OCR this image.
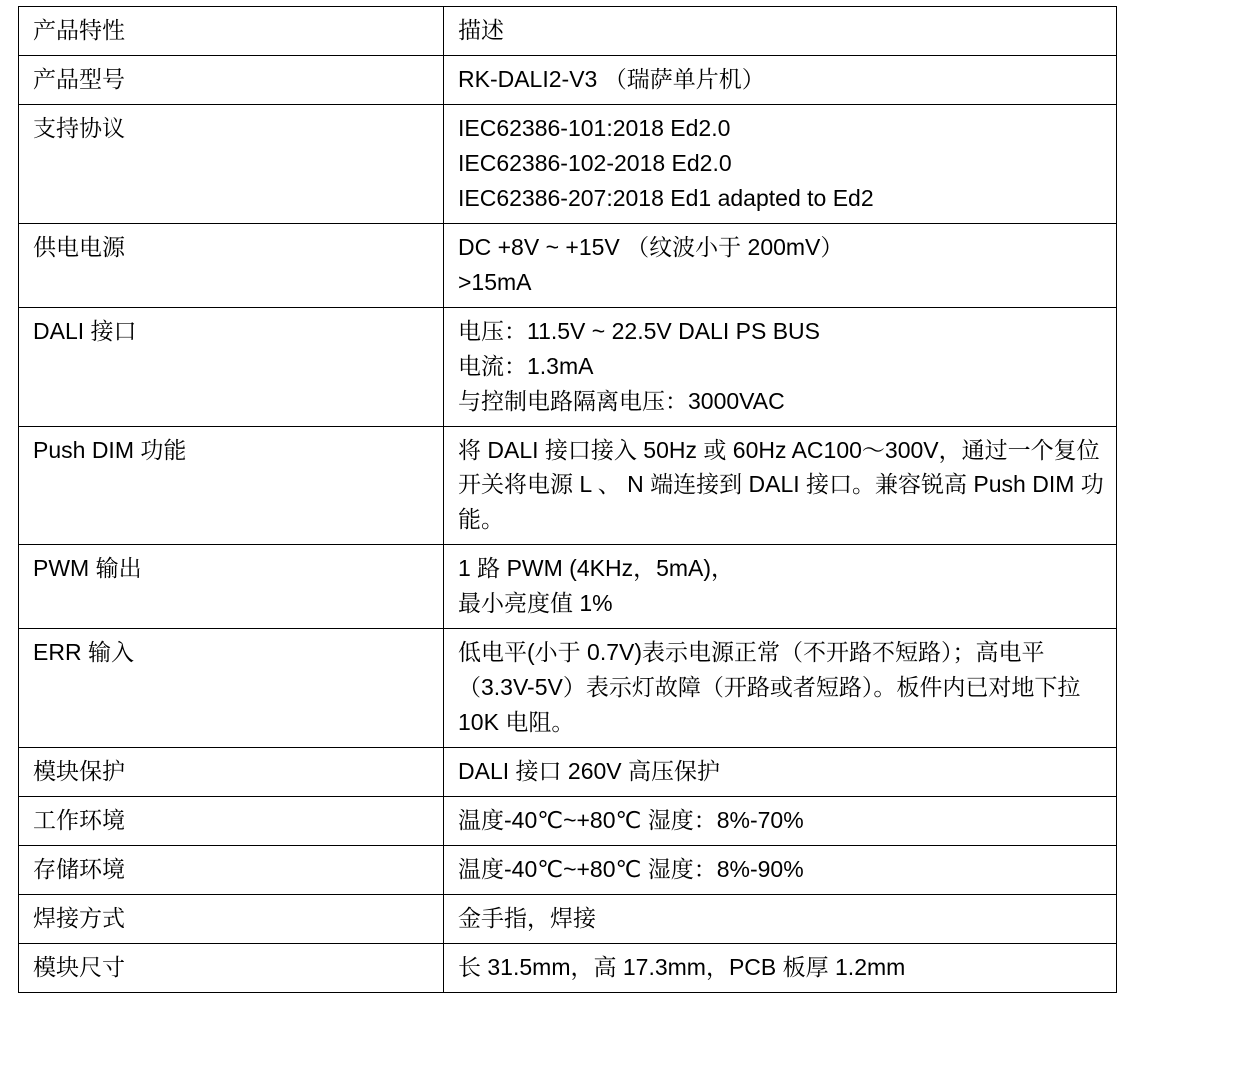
产品特性	描述

产品型号	RK-DALI2-V3 （瑞萨单片机）

支持协议	IEC62386-101:2018 Ed2.0
IEC62386-102-2018 Ed2.0
IEC62386-207:2018 Ed1 adapted to Ed2

供电电源	DC +8V ~ +15V （纹波小于 200mV）
>15mA

DALI 接口	电压：11.5V ~ 22.5V DALI PS BUS
电流：1.3mA
与控制电路隔离电压：3000VAC

Push DIM 功能	将 DALI 接口接入 50Hz 或 60Hz AC100～300V，通过一个复位开关将电源 L 、 N 端连接到 DALI 接口。兼容锐高 Push DIM 功能。

PWM 输出	1 路 PWM (4KHz，5mA)，
最小亮度值 1%

ERR 输入	低电平(小于 0.7V)表示电源正常（不开路不短路）；高电平（3.3V-5V）表示灯故障（开路或者短路）。板件内已对地下拉 10K 电阻。

模块保护	DALI 接口 260V 高压保护

工作环境	温度-40℃~+80℃ 湿度：8%-70%

存储环境	温度-40℃~+80℃ 湿度：8%-90%

焊接方式	金手指，焊接

模块尺寸	长 31.5mm，高 17.3mm，PCB 板厚 1.2mm
